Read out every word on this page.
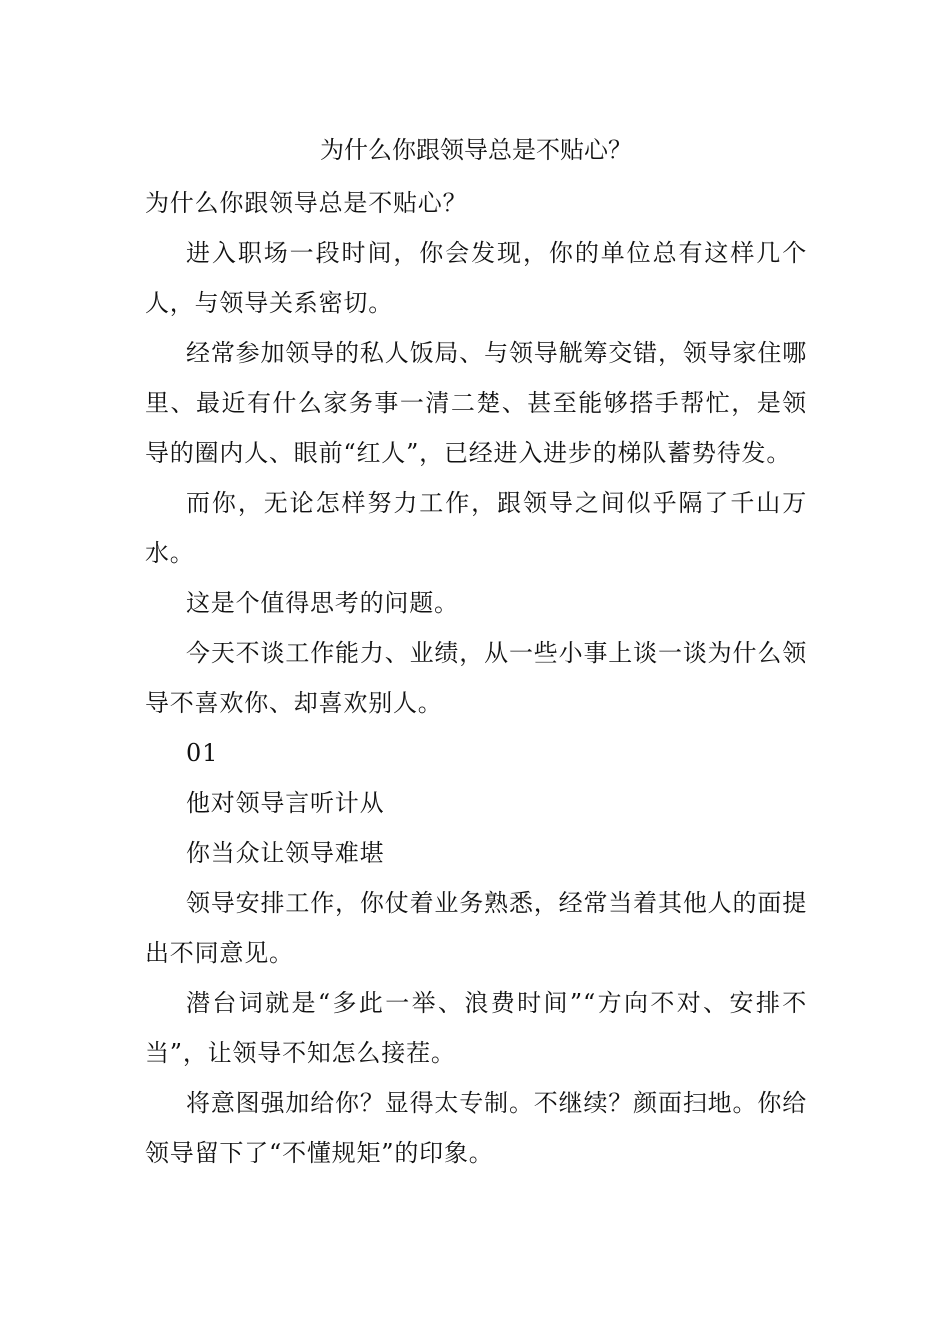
为什么你跟领导总是不贴心？

为什么你跟领导总是不贴心？

进入职场一段时间，你会发现，你的单位总有这样几个人，与领导关系密切。

经常参加领导的私人饭局、与领导觥筹交错，领导家住哪里、最近有什么家务事一清二楚、甚至能够搭手帮忙，是领导的圈内人、眼前“红人”，已经进入进步的梯队蓄势待发。

而你，无论怎样努力工作，跟领导之间似乎隔了千山万水。

这是个值得思考的问题。

今天不谈工作能力、业绩，从一些小事上谈一谈为什么领导不喜欢你、却喜欢别人。

01

他对领导言听计从

你当众让领导难堪

领导安排工作，你仗着业务熟悉，经常当着其他人的面提出不同意见。

潜台词就是“多此一举、浪费时间”“方向不对、安排不当”，让领导不知怎么接茬。

将意图强加给你？显得太专制。不继续？颜面扫地。你给领导留下了“不懂规矩”的印象。
